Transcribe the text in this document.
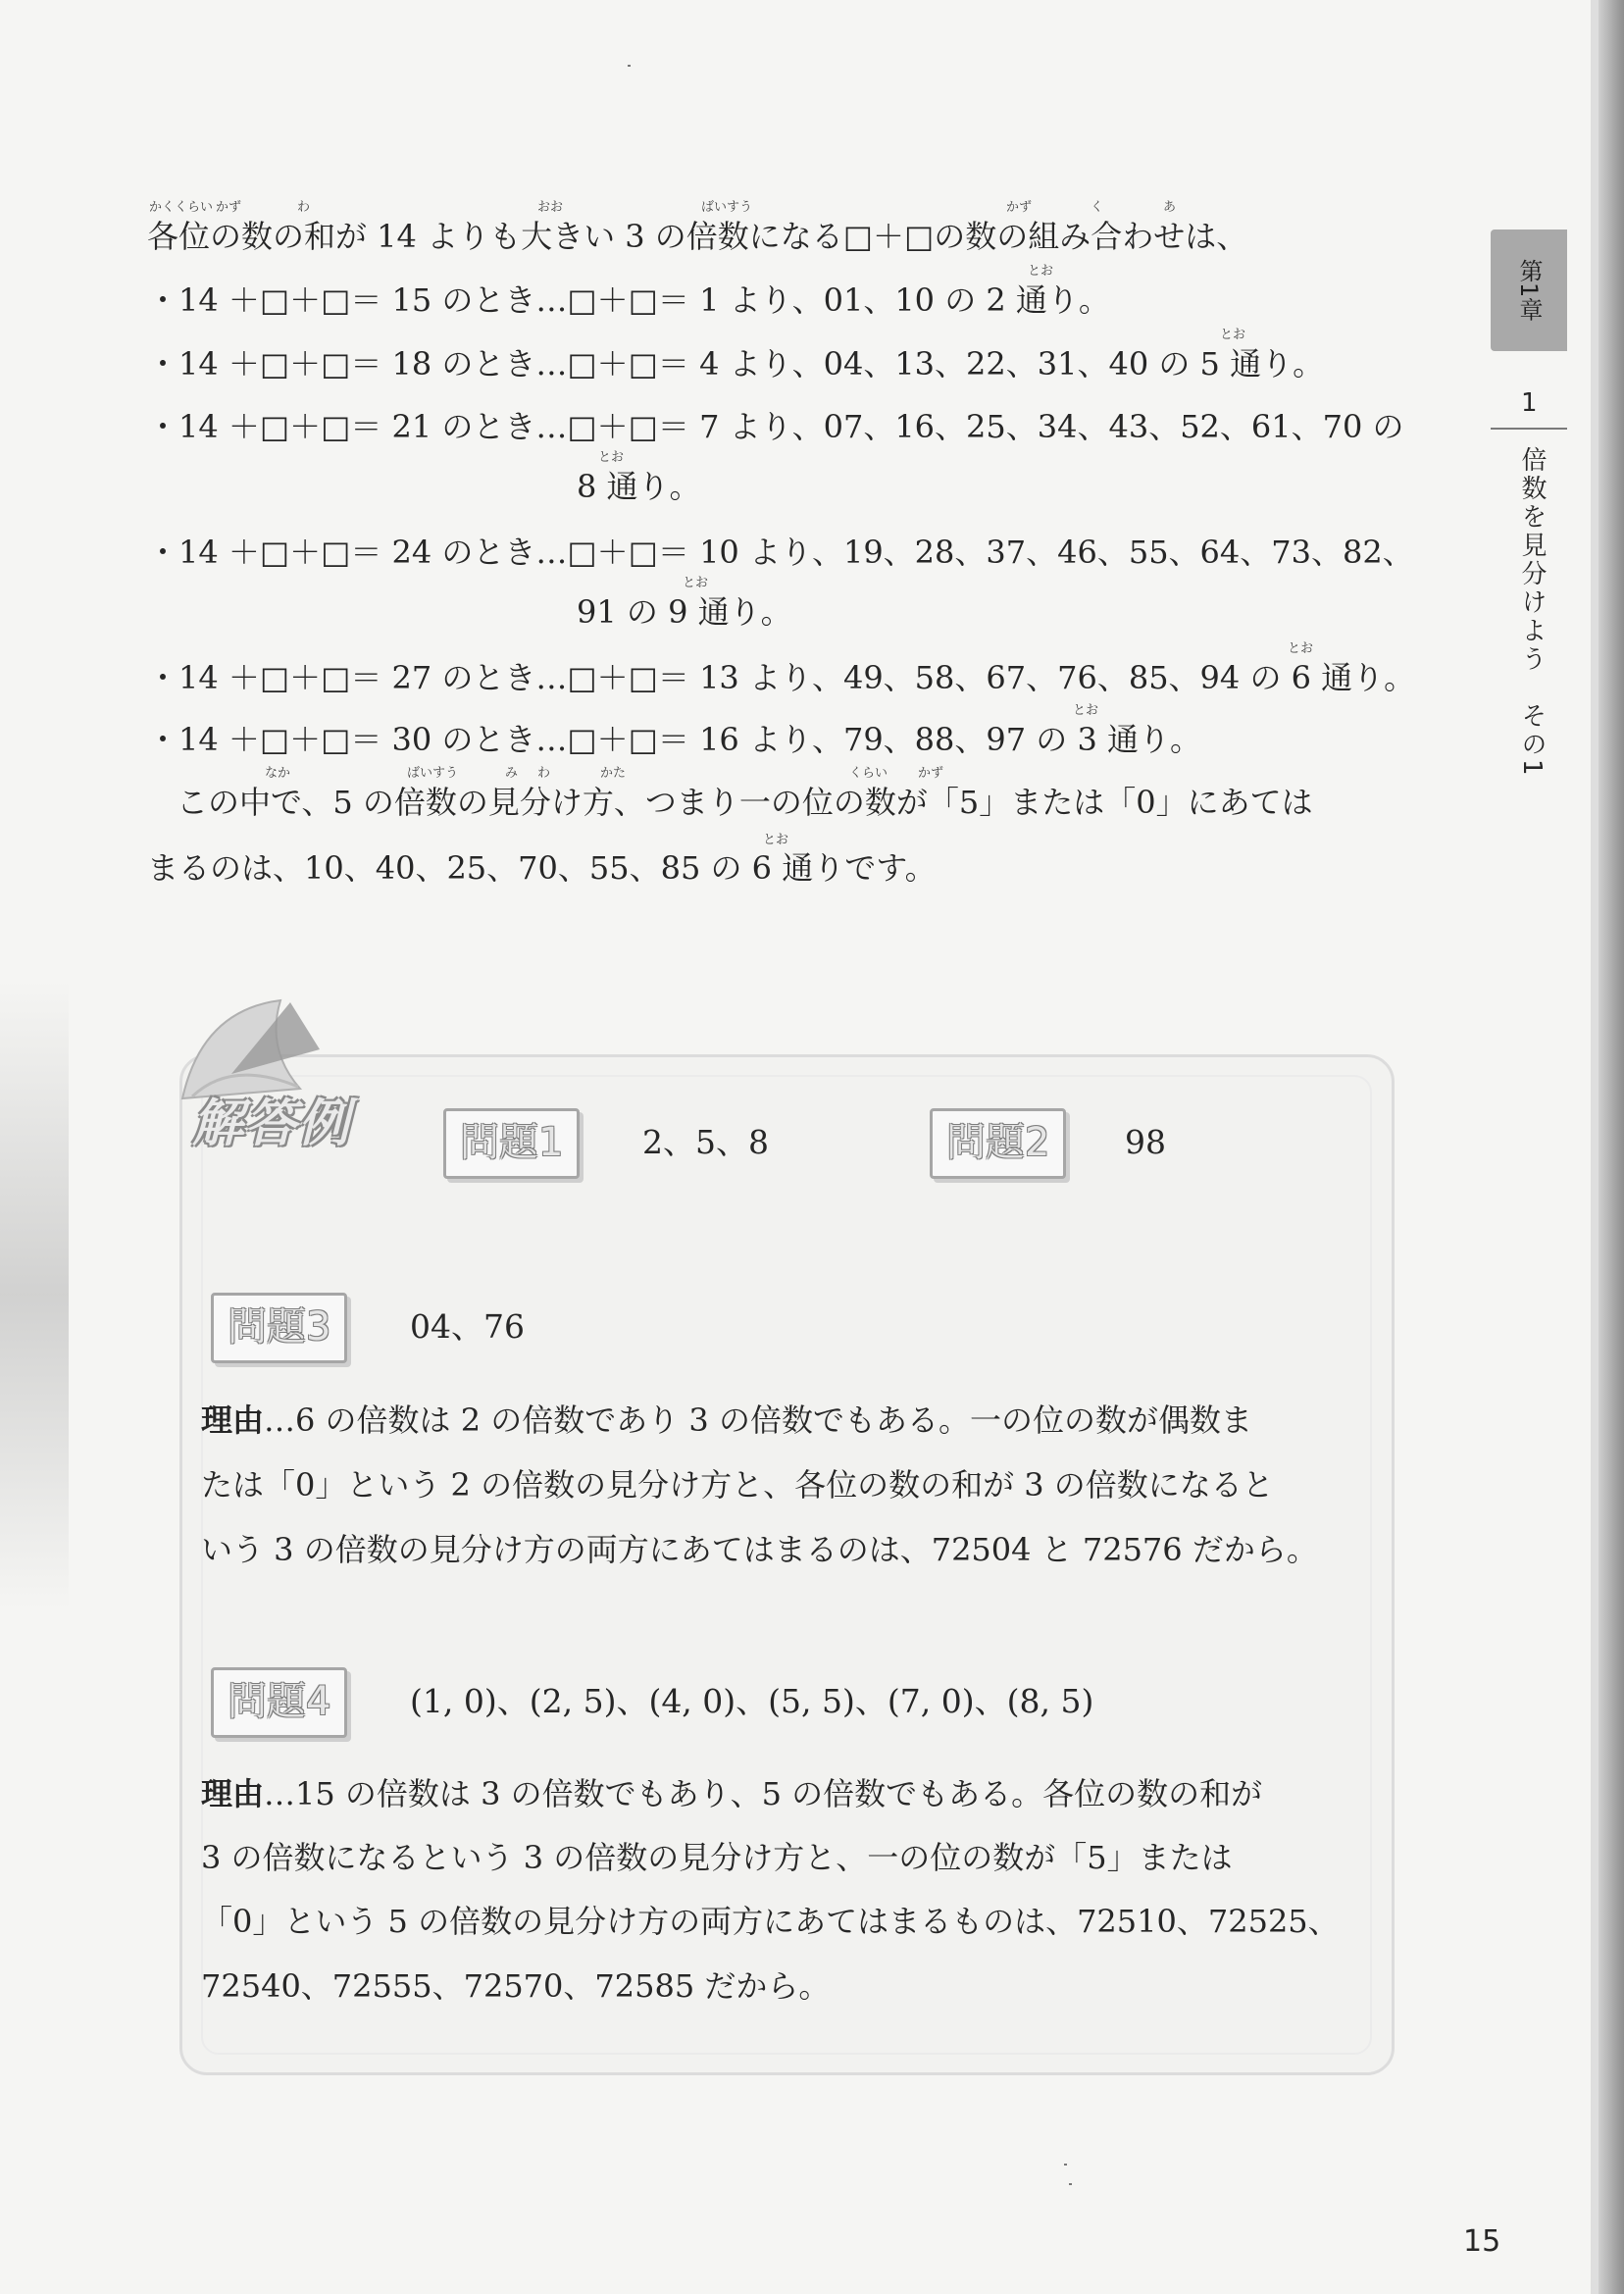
かくくらい かず	わ	おお	ばいすう	かず	く	あ
各位の数の和が 14 よりも大きい 3 の倍数になる□＋□の数の組み合わせは、
とお
・14 ＋□＋□＝ 15 のとき…□＋□＝ 1 より、01、10 の 2 通り。
とお
・14 ＋□＋□＝ 18 のとき…□＋□＝ 4 より、04、13、22、31、40 の 5 通り。
・14 ＋□＋□＝ 21 のとき…□＋□＝ 7 より、07、16、25、34、43、52、61、70 の
とお
8 通り。
・14 ＋□＋□＝ 24 のとき…□＋□＝ 10 より、19、28、37、46、55、64、73、82、
とお
91 の 9 通り。
とお
・14 ＋□＋□＝ 27 のとき…□＋□＝ 13 より、49、58、67、76、85、94 の 6 通り。
とお
・14 ＋□＋□＝ 30 のとき…□＋□＝ 16 より、79、88、97 の 3 通り。
なか	ばいすう	み わ	かた	くらい かず
この中で、5 の倍数の見分け方、つまり一の位の数が「5」または「0」にあては
とお
まるのは、10、40、25、70、55、85 の 6 通りです。
第1章
1
倍数を見分けよう　その1
解答例	問題1	2、5、8	問題2	98
問題3	04、76
理由…6 の倍数は 2 の倍数であり 3 の倍数でもある。一の位の数が偶数ま
たは「0」という 2 の倍数の見分け方と、各位の数の和が 3 の倍数になると
いう 3 の倍数の見分け方の両方にあてはまるのは、72504 と 72576 だから。
問題4	(1, 0)、(2, 5)、(4, 0)、(5, 5)、(7, 0)、(8, 5)
理由…15 の倍数は 3 の倍数でもあり、5 の倍数でもある。各位の数の和が
3 の倍数になるという 3 の倍数の見分け方と、一の位の数が「5」または
「0」という 5 の倍数の見分け方の両方にあてはまるものは、72510、72525、
72540、72555、72570、72585 だから。
15
